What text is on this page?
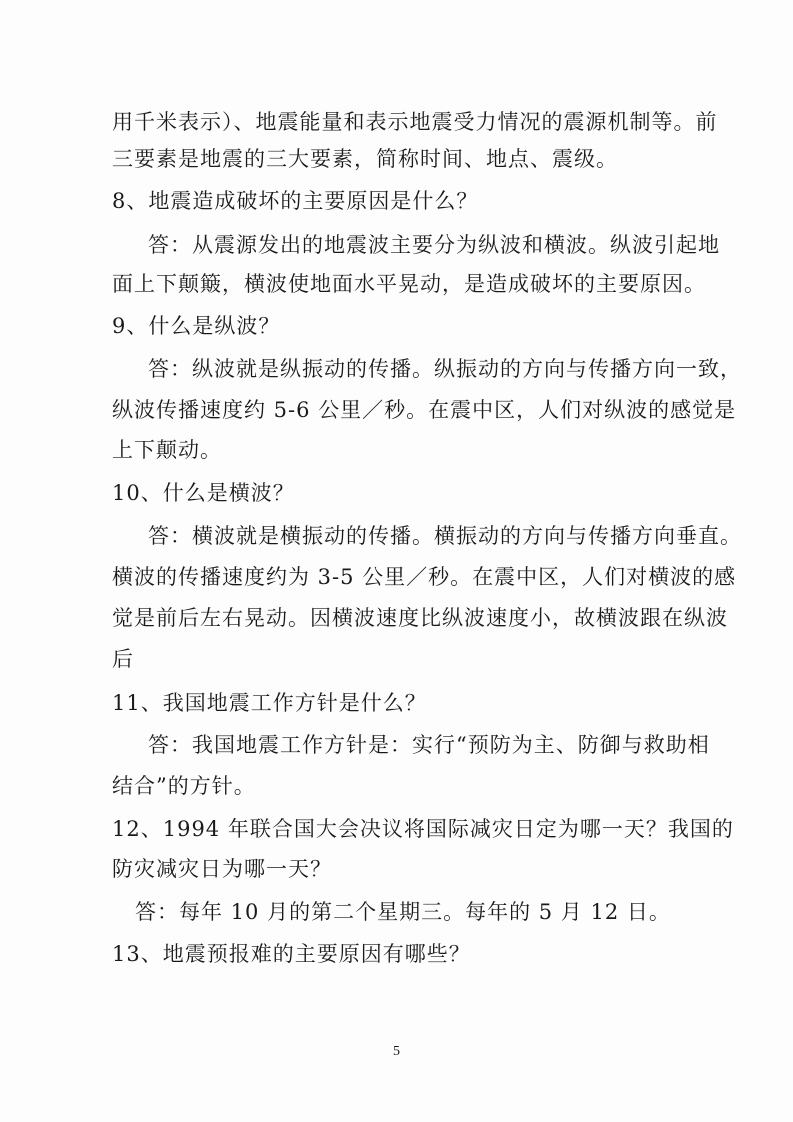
用千米表示）、地震能量和表示地震受力情况的震源机制等。前
三要素是地震的三大要素，简称时间、地点、震级。
8、地震造成破坏的主要原因是什么？
答：从震源发出的地震波主要分为纵波和横波。纵波引起地
面上下颠簸，横波使地面水平晃动，是造成破坏的主要原因。
9、什么是纵波？
答：纵波就是纵振动的传播。纵振动的方向与传播方向一致，
纵波传播速度约 5-6 公里／秒。在震中区，人们对纵波的感觉是
上下颠动。
10、什么是横波？
答：横波就是横振动的传播。横振动的方向与传播方向垂直。
横波的传播速度约为 3-5 公里／秒。在震中区，人们对横波的感
觉是前后左右晃动。因横波速度比纵波速度小，故横波跟在纵波
后
11、我国地震工作方针是什么？
答：我国地震工作方针是：实行“预防为主、防御与救助相
结合”的方针。
12、1994 年联合国大会决议将国际减灾日定为哪一天？我国的
防灾减灾日为哪一天？
答：每年 10 月的第二个星期三。每年的 5 月 12 日。
13、地震预报难的主要原因有哪些？
5
